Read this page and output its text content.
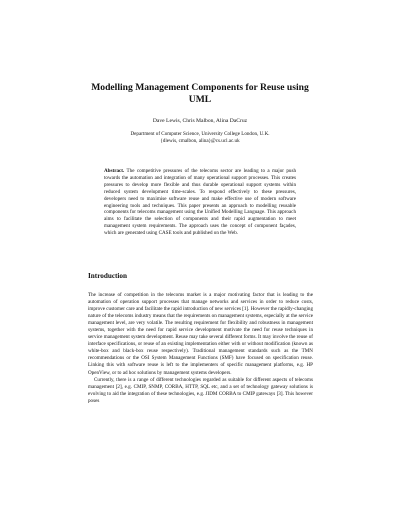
Modelling Management Components for Reuse using UML
Dave Lewis, Chris Malbon, Alina DaCruz
Department of Computer Science, University College London, U.K.
{dlewis, cmalbon, alina}@cs.ucl.ac.uk
Abstract. The competitive pressures of the telecoms sector are leading to a major push towards the automation and integration of many operational support processes. This creates pressures to develop more flexible and thus durable operational support systems within reduced system development time-scales. To respond effectively to these pressures, developers need to maximise software reuse and make effective use of modern software engineering tools and techniques. This paper presents an approach to modelling reusable components for telecoms management using the Unified Modelling Language. This approach aims to facilitate the selection of components and their rapid augmentation to meet management system requirements. The approach uses the concept of component façades, which are generated using CASE tools and published on the Web.
Introduction

The increase of competition in the telecoms market is a major motivating factor that is leading to the automation of operation support processes that manage networks and services in order to reduce costs, improve customer care and facilitate the rapid introduction of new services [1]. However the rapidly-changing nature of the telecoms industry means that the requirements on management systems, especially at the service management level, are very volatile. The resulting requirement for flexibility and robustness in management systems, together with the need for rapid service development motivate the need for reuse techniques in service management system development. Reuse may take several different forms. It may involve the reuse of interface specifications, or reuse of an existing implementation either with or without modification (known as white-box and black-box reuse respectively). Traditional management standards such as the TMN recommendations or the OSI System Management Functions (SMF) have focused on specification reuse. Linking this with software reuse is left to the implementers of specific management platforms, e.g. HP OpenView, or to ad hoc solutions by management systems developers.

Currently, there is a range of different technologies regarded as suitable for different aspects of telecoms management [2], e.g. CMIP, SNMP, CORBA, HTTP, SQL etc, and a set of technology gateway solutions is evolving to aid the integration of these technologies, e.g. JIDM CORBA to CMIP gateways [3]. This however poses
